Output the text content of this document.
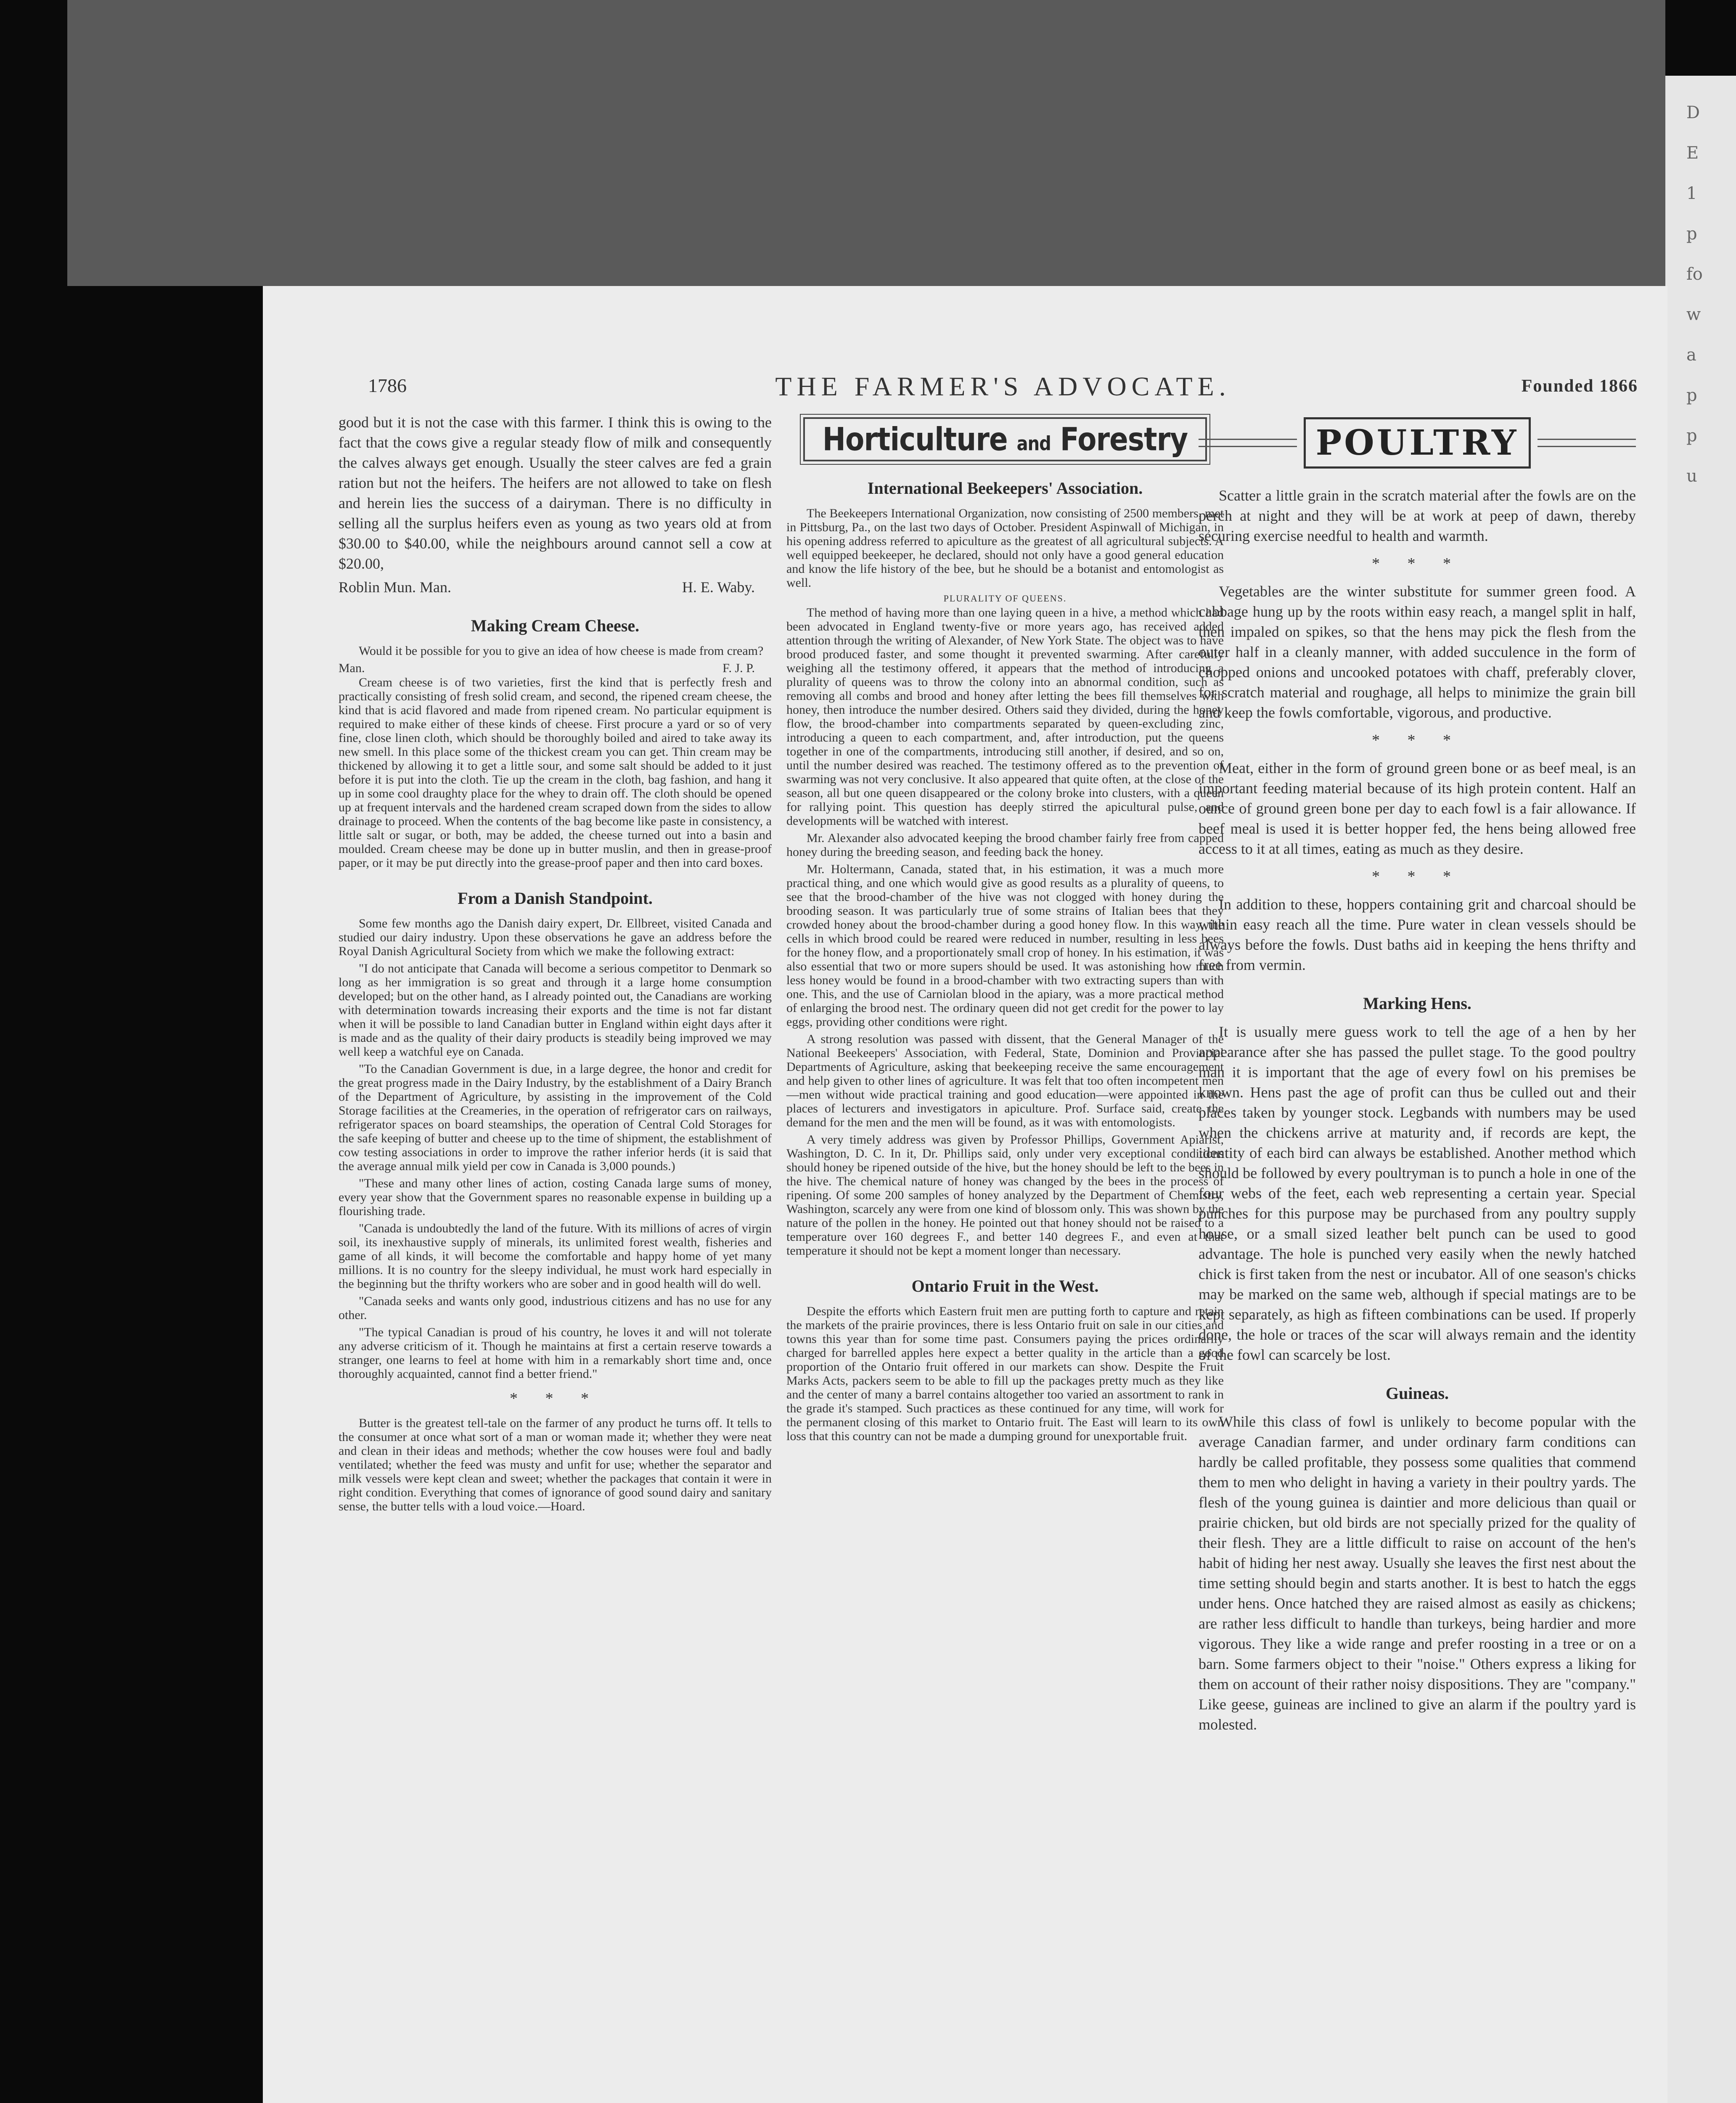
D
E
1
p
fo
w
a
p
p
u
1786	THE FARMER'S ADVOCATE.	Founded 1866

good but it is not the case with this farmer. I think this is owing to the fact that the cows give a regular steady flow of milk and consequently the calves always get enough. Usually the steer calves are fed a grain ration but not the heifers. The heifers are not allowed to take on flesh and herein lies the success of a dairyman. There is no difficulty in selling all the surplus heifers even as young as two years old at from $30.00 to $40.00, while the neighbours around cannot sell a cow at $20.00,

Roblin Mun. Man.	H. E. Waby.
Making Cream Cheese.

Would it be possible for you to give an idea of how cheese is made from cream?

Man.	F. J. P.

Cream cheese is of two varieties, first the kind that is perfectly fresh and practically consisting of fresh solid cream, and second, the ripened cream cheese, the kind that is acid flavored and made from ripened cream. No particular equipment is required to make either of these kinds of cheese. First procure a yard or so of very fine, close linen cloth, which should be thoroughly boiled and aired to take away its new smell. In this place some of the thickest cream you can get. Thin cream may be thickened by allowing it to get a little sour, and some salt should be added to it just before it is put into the cloth. Tie up the cream in the cloth, bag fashion, and hang it up in some cool draughty place for the whey to drain off. The cloth should be opened up at frequent intervals and the hardened cream scraped down from the sides to allow drainage to proceed. When the contents of the bag become like paste in consistency, a little salt or sugar, or both, may be added, the cheese turned out into a basin and moulded. Cream cheese may be done up in butter muslin, and then in grease-proof paper, or it may be put directly into the grease-proof paper and then into card boxes.

From a Danish Standpoint.

Some few months ago the Danish dairy expert, Dr. Ellbreet, visited Canada and studied our dairy industry. Upon these observations he gave an address before the Royal Danish Agricultural Society from which we make the following extract:

"I do not anticipate that Canada will become a serious competitor to Denmark so long as her immigration is so great and through it a large home consumption developed; but on the other hand, as I already pointed out, the Canadians are working with determination towards increasing their exports and the time is not far distant when it will be possible to land Canadian butter in England within eight days after it is made and as the quality of their dairy products is steadily being improved we may well keep a watchful eye on Canada.

"To the Canadian Government is due, in a large degree, the honor and credit for the great progress made in the Dairy Industry, by the establishment of a Dairy Branch of the Department of Agriculture, by assisting in the improvement of the Cold Storage facilities at the Creameries, in the operation of refrigerator cars on railways, refrigerator spaces on board steamships, the operation of Central Cold Storages for the safe keeping of butter and cheese up to the time of shipment, the establishment of cow testing associations in order to improve the rather inferior herds (it is said that the average annual milk yield per cow in Canada is 3,000 pounds.)

"These and many other lines of action, costing Canada large sums of money, every year show that the Government spares no reasonable expense in building up a flourishing trade.

"Canada is undoubtedly the land of the future. With its millions of acres of virgin soil, its inexhaustive supply of minerals, its unlimited forest wealth, fisheries and game of all kinds, it will become the comfortable and happy home of yet many millions. It is no country for the sleepy individual, he must work hard especially in the beginning but the thrifty workers who are sober and in good health will do well.

"Canada seeks and wants only good, industrious citizens and has no use for any other.

"The typical Canadian is proud of his country, he loves it and will not tolerate any adverse criticism of it. Though he maintains at first a certain reserve towards a stranger, one learns to feel at home with him in a remarkably short time and, once thoroughly acquainted, cannot find a better friend."

* * *

Butter is the greatest tell-tale on the farmer of any product he turns off. It tells to the consumer at once what sort of a man or woman made it; whether they were neat and clean in their ideas and methods; whether the cow houses were foul and badly ventilated; whether the feed was musty and unfit for use; whether the separator and milk vessels were kept clean and sweet; whether the packages that contain it were in right condition. Everything that comes of ignorance of good sound dairy and sanitary sense, the butter tells with a loud voice.—Hoard.

Horticulture and Forestry
International Beekeepers' Association.

The Beekeepers International Organization, now consisting of 2500 members, met in Pittsburg, Pa., on the last two days of October. President Aspinwall of Michigan, in his opening address referred to apiculture as the greatest of all agricultural subjects. A well equipped beekeeper, he declared, should not only have a good general education and know the life history of the bee, but he should be a botanist and entomologist as well.

PLURALITY OF QUEENS.

The method of having more than one laying queen in a hive, a method which had been advocated in England twenty-five or more years ago, has received added attention through the writing of Alexander, of New York State. The object was to have brood produced faster, and some thought it prevented swarming. After carefully weighing all the testimony offered, it appears that the method of introducing a plurality of queens was to throw the colony into an abnormal condition, such as removing all combs and brood and honey after letting the bees fill themselves with honey, then introduce the number desired. Others said they divided, during the honey flow, the brood-chamber into compartments separated by queen-excluding zinc, introducing a queen to each compartment, and, after introduction, put the queens together in one of the compartments, introducing still another, if desired, and so on, until the number desired was reached. The testimony offered as to the prevention of swarming was not very conclusive. It also appeared that quite often, at the close of the season, all but one queen disappeared or the colony broke into clusters, with a queen for rallying point. This question has deeply stirred the apicultural pulse, and developments will be watched with interest.

Mr. Alexander also advocated keeping the brood chamber fairly free from capped honey during the breeding season, and feeding back the honey.

Mr. Holtermann, Canada, stated that, in his estimation, it was a much more practical thing, and one which would give as good results as a plurality of queens, to see that the brood-chamber of the hive was not clogged with honey during the brooding season. It was particularly true of some strains of Italian bees that they crowded honey about the brood-chamber during a good honey flow. In this way, the cells in which brood could be reared were reduced in number, resulting in less bees for the honey flow, and a proportionately small crop of honey. In his estimation, it was also essential that two or more supers should be used. It was astonishing how much less honey would be found in a brood-chamber with two extracting supers than with one. This, and the use of Carniolan blood in the apiary, was a more practical method of enlarging the brood nest. The ordinary queen did not get credit for the power to lay eggs, providing other conditions were right.

A strong resolution was passed with dissent, that the General Manager of the National Beekeepers' Association, with Federal, State, Dominion and Provincial Departments of Agriculture, asking that beekeeping receive the same encouragement and help given to other lines of agriculture. It was felt that too often incompetent men—men without wide practical training and good education—were appointed in the places of lecturers and investigators in apiculture. Prof. Surface said, create the demand for the men and the men will be found, as it was with entomologists.

A very timely address was given by Professor Phillips, Government Apiarist, Washington, D. C. In it, Dr. Phillips said, only under very exceptional conditions should honey be ripened outside of the hive, but the honey should be left to the bees in the hive. The chemical nature of honey was changed by the bees in the process of ripening. Of some 200 samples of honey analyzed by the Department of Chemistry, Washington, scarcely any were from one kind of blossom only. This was shown by the nature of the pollen in the honey. He pointed out that honey should not be raised to a temperature over 160 degrees F., and better 140 degrees F., and even at that temperature it should not be kept a moment longer than necessary.

Ontario Fruit in the West.

Despite the efforts which Eastern fruit men are putting forth to capture and retain the markets of the prairie provinces, there is less Ontario fruit on sale in our cities and towns this year than for some time past. Consumers paying the prices ordinarily charged for barrelled apples here expect a better quality in the article than a good proportion of the Ontario fruit offered in our markets can show. Despite the Fruit Marks Acts, packers seem to be able to fill up the packages pretty much as they like and the center of many a barrel contains altogether too varied an assortment to rank in the grade it's stamped. Such practices as these continued for any time, will work for the permanent closing of this market to Ontario fruit. The East will learn to its own loss that this country can not be made a dumping ground for unexportable fruit.

POULTRY

Scatter a little grain in the scratch material after the fowls are on the perch at night and they will be at work at peep of dawn, thereby securing exercise needful to health and warmth.

* * *

Vegetables are the winter substitute for summer green food. A cabbage hung up by the roots within easy reach, a mangel split in half, then impaled on spikes, so that the hens may pick the flesh from the outer half in a cleanly manner, with added succulence in the form of chopped onions and uncooked potatoes with chaff, preferably clover, for scratch material and roughage, all helps to minimize the grain bill and keep the fowls comfortable, vigorous, and productive.

* * *

Meat, either in the form of ground green bone or as beef meal, is an important feeding material because of its high protein content. Half an ounce of ground green bone per day to each fowl is a fair allowance. If beef meal is used it is better hopper fed, the hens being allowed free access to it at all times, eating as much as they desire.

* * *

In addition to these, hoppers containing grit and charcoal should be within easy reach all the time. Pure water in clean vessels should be always before the fowls. Dust baths aid in keeping the hens thrifty and free from vermin.

Marking Hens.

It is usually mere guess work to tell the age of a hen by her appearance after she has passed the pullet stage. To the good poultry man it is important that the age of every fowl on his premises be known. Hens past the age of profit can thus be culled out and their places taken by younger stock. Legbands with numbers may be used when the chickens arrive at maturity and, if records are kept, the identity of each bird can always be established. Another method which should be followed by every poultryman is to punch a hole in one of the four webs of the feet, each web representing a certain year. Special punches for this purpose may be purchased from any poultry supply house, or a small sized leather belt punch can be used to good advantage. The hole is punched very easily when the newly hatched chick is first taken from the nest or incubator. All of one season's chicks may be marked on the same web, although if special matings are to be kept separately, as high as fifteen combinations can be used. If properly done, the hole or traces of the scar will always remain and the identity of the fowl can scarcely be lost.

Guineas.

While this class of fowl is unlikely to become popular with the average Canadian farmer, and under ordinary farm conditions can hardly be called profitable, they possess some qualities that commend them to men who delight in having a variety in their poultry yards. The flesh of the young guinea is daintier and more delicious than quail or prairie chicken, but old birds are not specially prized for the quality of their flesh. They are a little difficult to raise on account of the hen's habit of hiding her nest away. Usually she leaves the first nest about the time setting should begin and starts another. It is best to hatch the eggs under hens. Once hatched they are raised almost as easily as chickens; are rather less difficult to handle than turkeys, being hardier and more vigorous. They like a wide range and prefer roosting in a tree or on a barn. Some farmers object to their "noise." Others express a liking for them on account of their rather noisy dispositions. They are "company." Like geese, guineas are inclined to give an alarm if the poultry yard is molested.
